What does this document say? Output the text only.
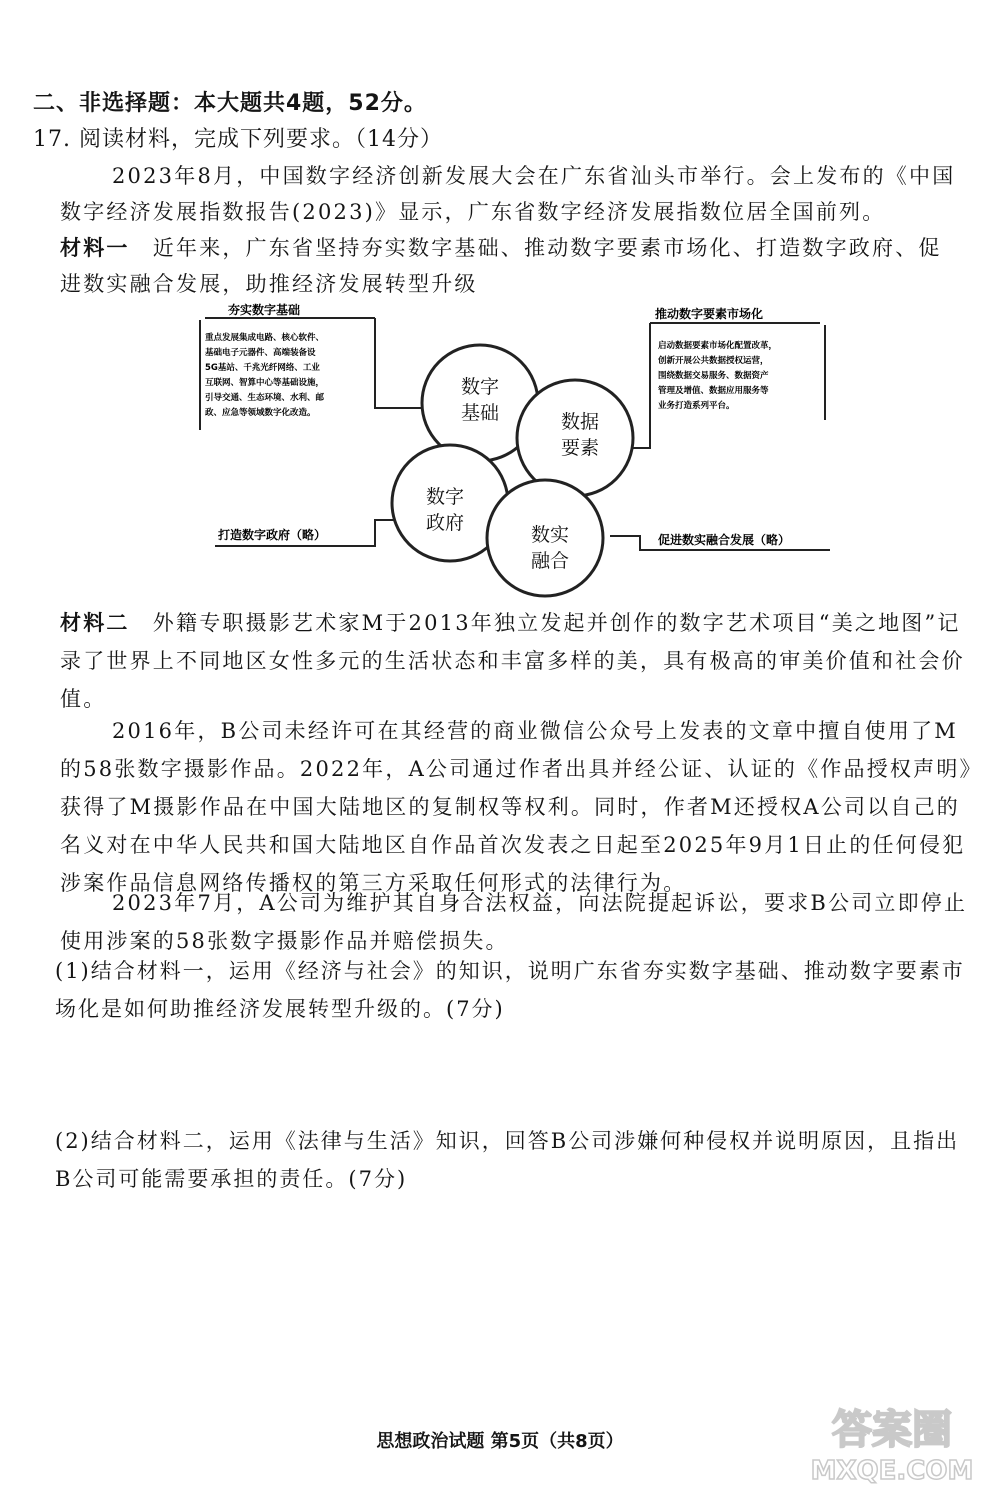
二、非选择题：本大题共4题，52分。
17. 阅读材料，完成下列要求。（14分）
2023年8月，中国数字经济创新发展大会在广东省汕头市举行。会上发布的《中国数字经济发展指数报告(2023)》显示，广东省数字经济发展指数位居全国前列。
材料一　近年来，广东省坚持夯实数字基础、推动数字要素市场化、打造数字政府、促进数实融合发展，助推经济发展转型升级
夯实数字基础
重点发展集成电路、核心软件、 基础电子元器件、高端装备设 5G基站、千兆光纤网络、工业 互联网、智算中心等基础设施， 引导交通、生态环境、水利、邮 政、应急等领域数字化改造。
推动数字要素市场化
启动数据要素市场化配置改革， 创新开展公共数据授权运营， 围绕数据交易服务、数据资产 管理及增值、数据应用服务等 业务打造系列平台。
打造数字政府（略）	促进数实融合发展（略）
数字
基础	数据
要素
数字
政府
数实
融合
材料二　外籍专职摄影艺术家M于2013年独立发起并创作的数字艺术项目“美之地图”记录了世界上不同地区女性多元的生活状态和丰富多样的美，具有极高的审美价值和社会价值。
2016年，B公司未经许可在其经营的商业微信公众号上发表的文章中擅自使用了M的58张数字摄影作品。2022年，A公司通过作者出具并经公证、认证的《作品授权声明》获得了M摄影作品在中国大陆地区的复制权等权利。同时，作者M还授权A公司以自己的名义对在中华人民共和国大陆地区自作品首次发表之日起至2025年9月1日止的任何侵犯涉案作品信息网络传播权的第三方采取任何形式的法律行为。
2023年7月，A公司为维护其自身合法权益，向法院提起诉讼，要求B公司立即停止使用涉案的58张数字摄影作品并赔偿损失。
(1)结合材料一，运用《经济与社会》的知识，说明广东省夯实数字基础、推动数字要素市场化是如何助推经济发展转型升级的。(7分)
(2)结合材料二，运用《法律与生活》知识，回答B公司涉嫌何种侵权并说明原因，且指出B公司可能需要承担的责任。(7分)
思想政治试题 第5页（共8页）	答案圈
MXQE.COM
